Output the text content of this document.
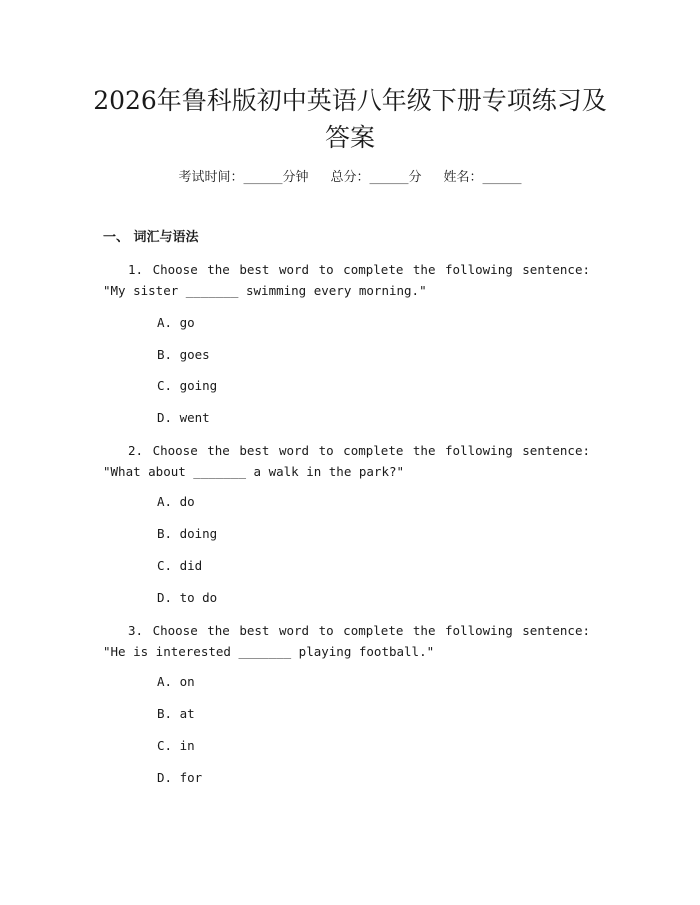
2026年鲁科版初中英语八年级下册专项练习及答案
考试时间：______分钟 总分：______分 姓名：______
一、 词汇与语法
1. Choose the best word to complete the following sentence: "My sister _______ swimming every morning."
A. go
B. goes
C. going
D. went
2. Choose the best word to complete the following sentence: "What about _______ a walk in the park?"
A. do
B. doing
C. did
D. to do
3. Choose the best word to complete the following sentence: "He is interested _______ playing football."
A. on
B. at
C. in
D. for
